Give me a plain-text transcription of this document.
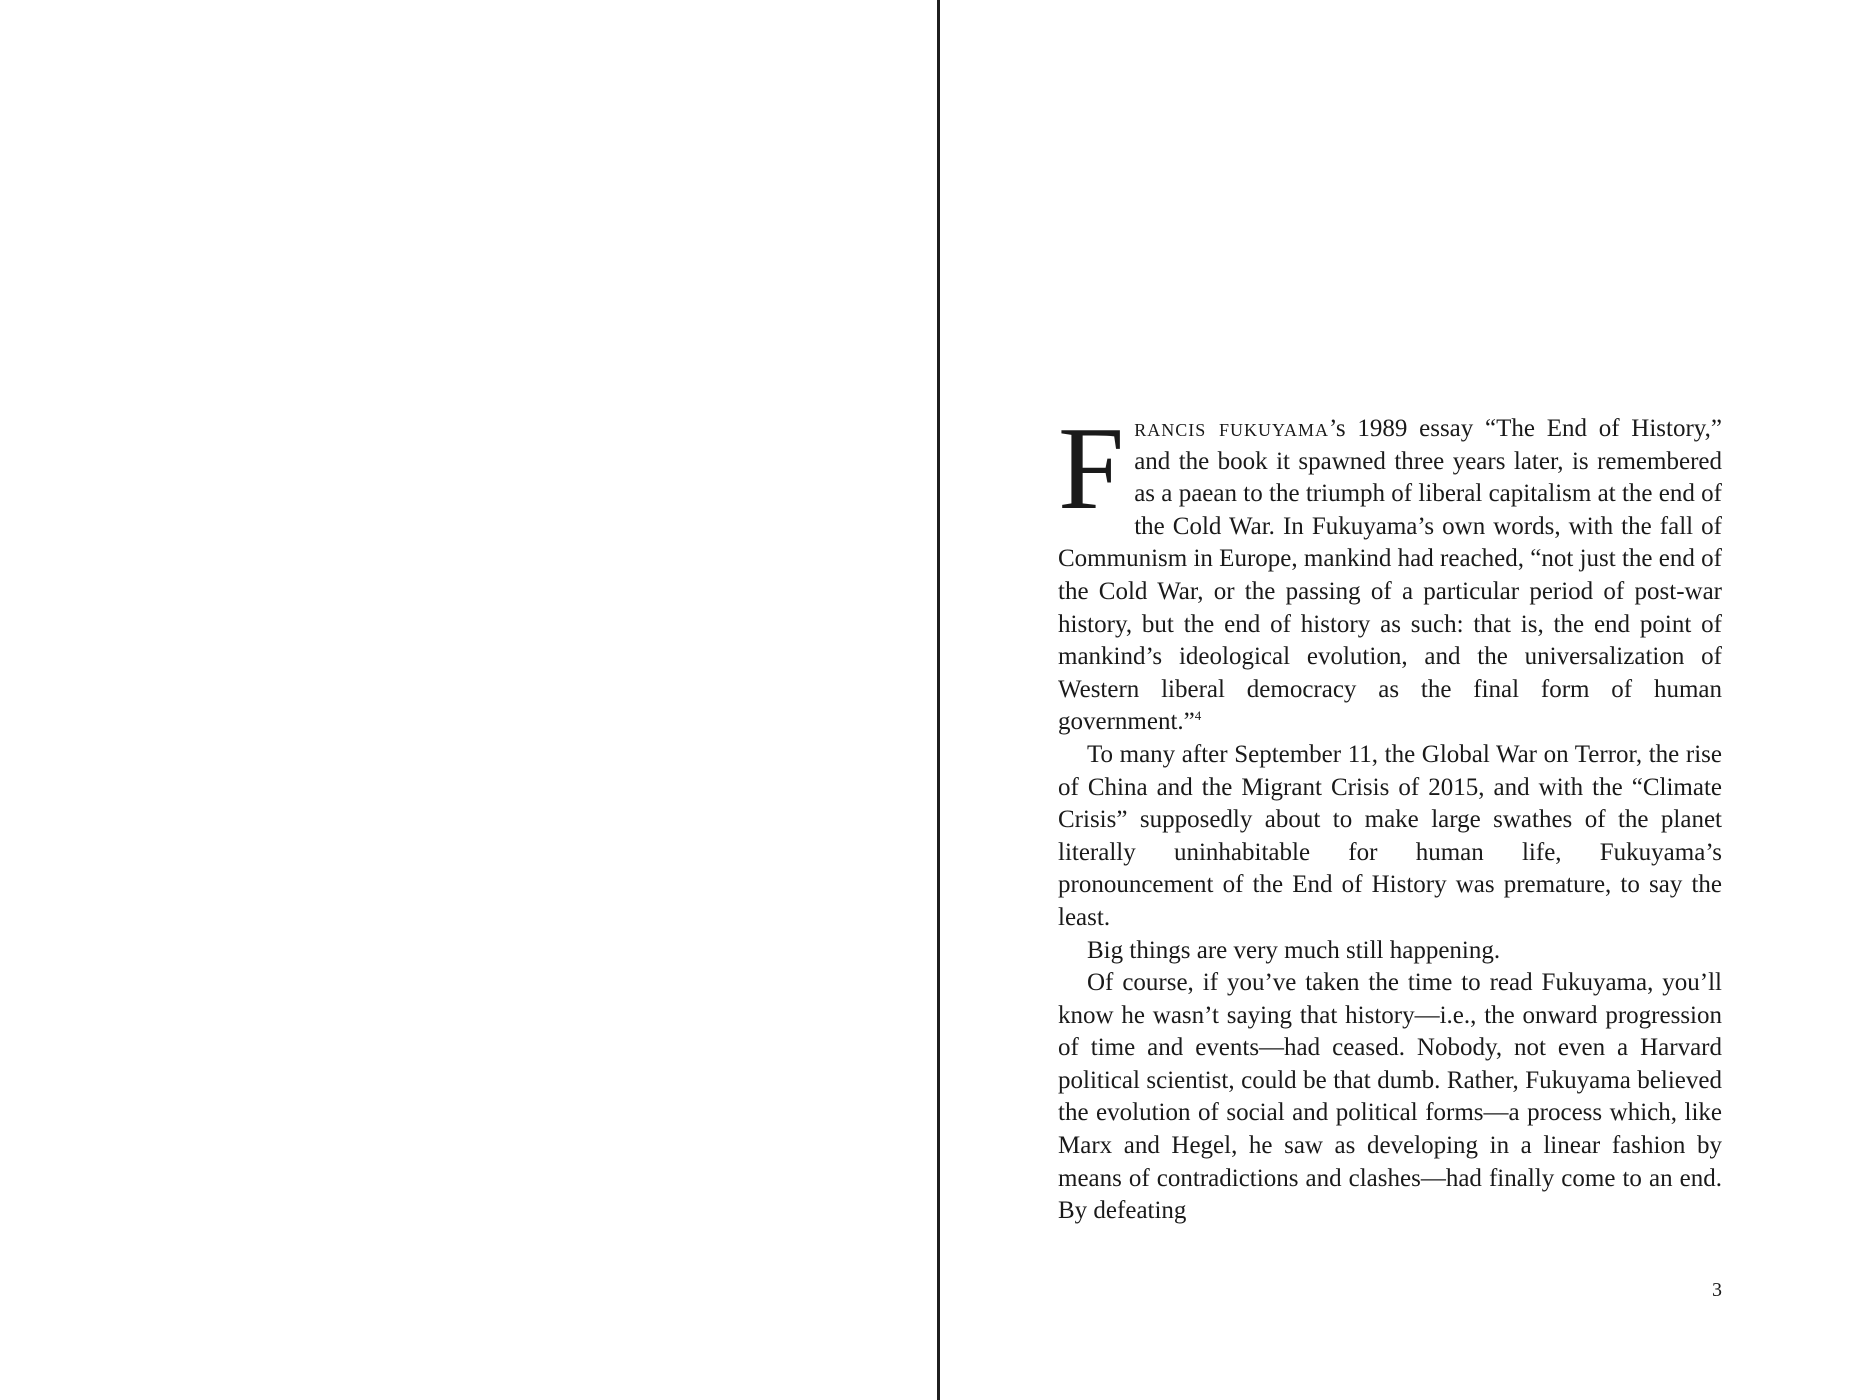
Francis fukuyama’s 1989 essay “The End of History,” and the book it spawned three years later, is remembered as a paean to the triumph of liberal capitalism at the end of the Cold War. In Fukuyama’s own words, with the fall of Communism in Europe, mankind had reached, “not just the end of the Cold War, or the passing of a particular period of post-war history, but the end of history as such: that is, the end point of mankind’s ideological evolution, and the universalization of Western liberal democracy as the final form of human government.”$^4$

To many after September 11, the Global War on Terror, the rise of China and the Migrant Crisis of 2015, and with the “Climate Crisis” supposedly about to make large swathes of the planet literally uninhabitable for human life, Fukuyama’s pronouncement of the End of History was premature, to say the least.

Big things are very much still happening.

Of course, if you’ve taken the time to read Fukuyama, you’ll know he wasn’t saying that history—i.e., the onward progression of time and events—had ceased. Nobody, not even a Harvard political scientist, could be that dumb. Rather, Fukuyama believed the evolution of social and political forms—a process which, like Marx and Hegel, he saw as developing in a linear fashion by means of contradictions and clashes—had finally come to an end. By defeating

3
